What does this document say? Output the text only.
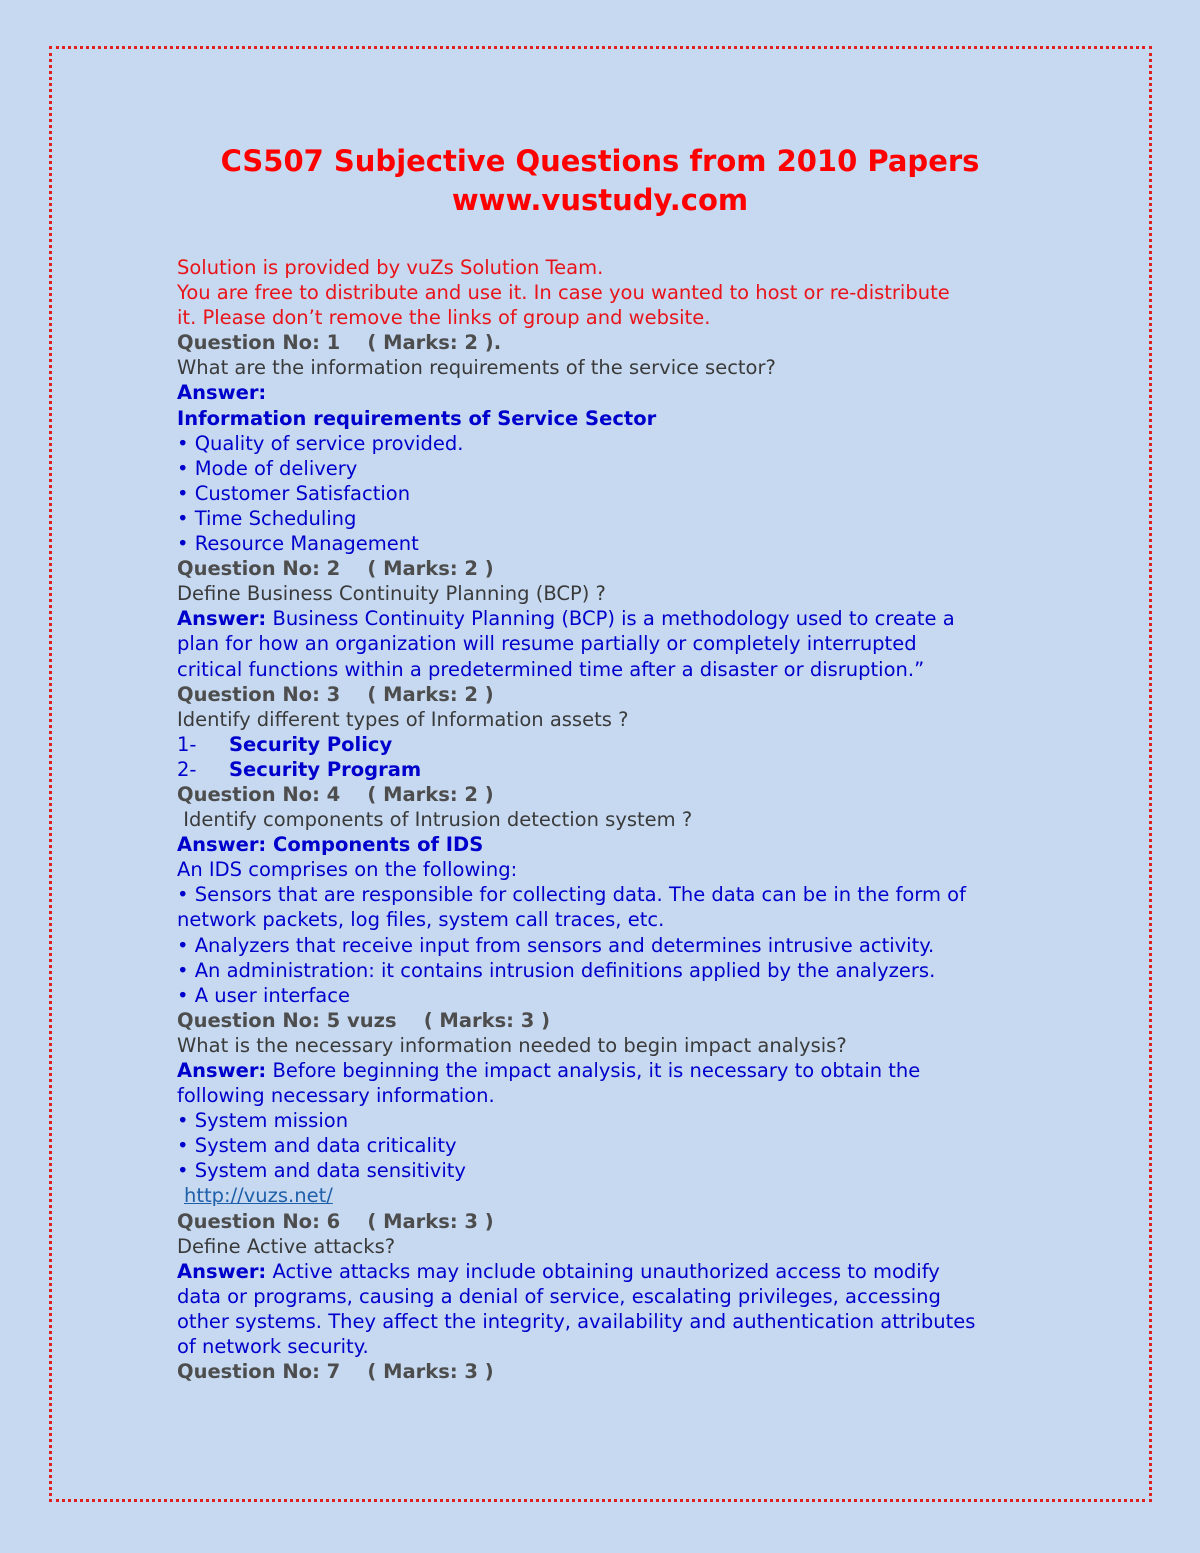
CS507 Subjective Questions from 2010 Papers
www.vustudy.com

Solution is provided by vuZs Solution Team.

You are free to distribute and use it. In case you wanted to host or re-distribute

it. Please don’t remove the links of group and website.

Question No: 1    ( Marks: 2 ).

What are the information requirements of the service sector?

Answer:

Information requirements of Service Sector

• Quality of service provided.

• Mode of delivery

• Customer Satisfaction

• Time Scheduling

• Resource Management

Question No: 2    ( Marks: 2 )

Define Business Continuity Planning (BCP) ?

Answer: Business Continuity Planning (BCP) is a methodology used to create a

plan for how an organization will resume partially or completely interrupted

critical functions within a predetermined time after a disaster or disruption.”

Question No: 3    ( Marks: 2 )

Identify different types of Information assets ?

1- Security Policy

2- Security Program

Question No: 4    ( Marks: 2 )

Identify components of Intrusion detection system ?

Answer: Components of IDS

An IDS comprises on the following:

• Sensors that are responsible for collecting data. The data can be in the form of

network packets, log files, system call traces, etc.

• Analyzers that receive input from sensors and determines intrusive activity.

• An administration: it contains intrusion definitions applied by the analyzers.

• A user interface

Question No: 5 vuzs    ( Marks: 3 )

What is the necessary information needed to begin impact analysis?

Answer: Before beginning the impact analysis, it is necessary to obtain the

following necessary information.

• System mission

• System and data criticality

• System and data sensitivity

http://vuzs.net/

Question No: 6    ( Marks: 3 )

Define Active attacks?

Answer: Active attacks may include obtaining unauthorized access to modify

data or programs, causing a denial of service, escalating privileges, accessing

other systems. They affect the integrity, availability and authentication attributes

of network security.

Question No: 7    ( Marks: 3 )
